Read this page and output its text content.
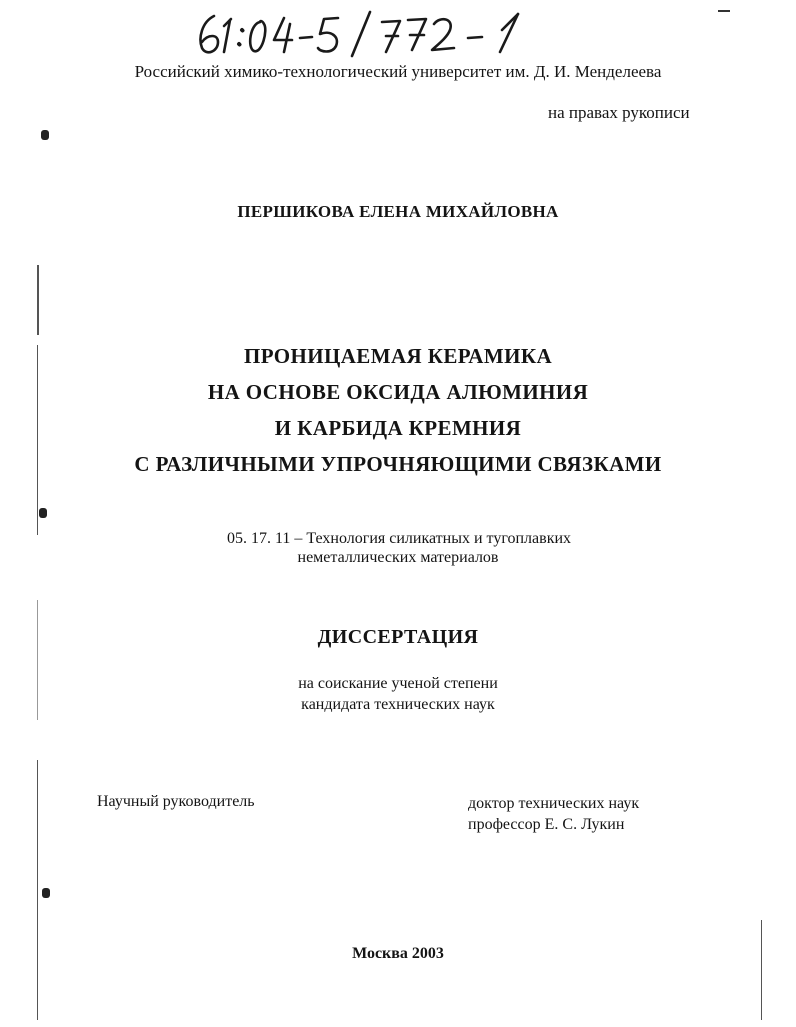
Российский химико-технологический университет им. Д. И. Менделеева
на правах рукописи
ПЕРШИКОВА ЕЛЕНА МИХАЙЛОВНА
ПРОНИЦАЕМАЯ КЕРАМИКА
НА ОСНОВЕ ОКСИДА АЛЮМИНИЯ
И КАРБИДА КРЕМНИЯ
С РАЗЛИЧНЫМИ УПРОЧНЯЮЩИМИ СВЯЗКАМИ
05. 17. 11 – Технология силикатных и тугоплавких
неметаллических материалов
ДИССЕРТАЦИЯ
на соискание ученой степени
кандидата технических наук
Научный руководитель	доктор технических наук
профессор Е. С. Лукин
Москва 2003
